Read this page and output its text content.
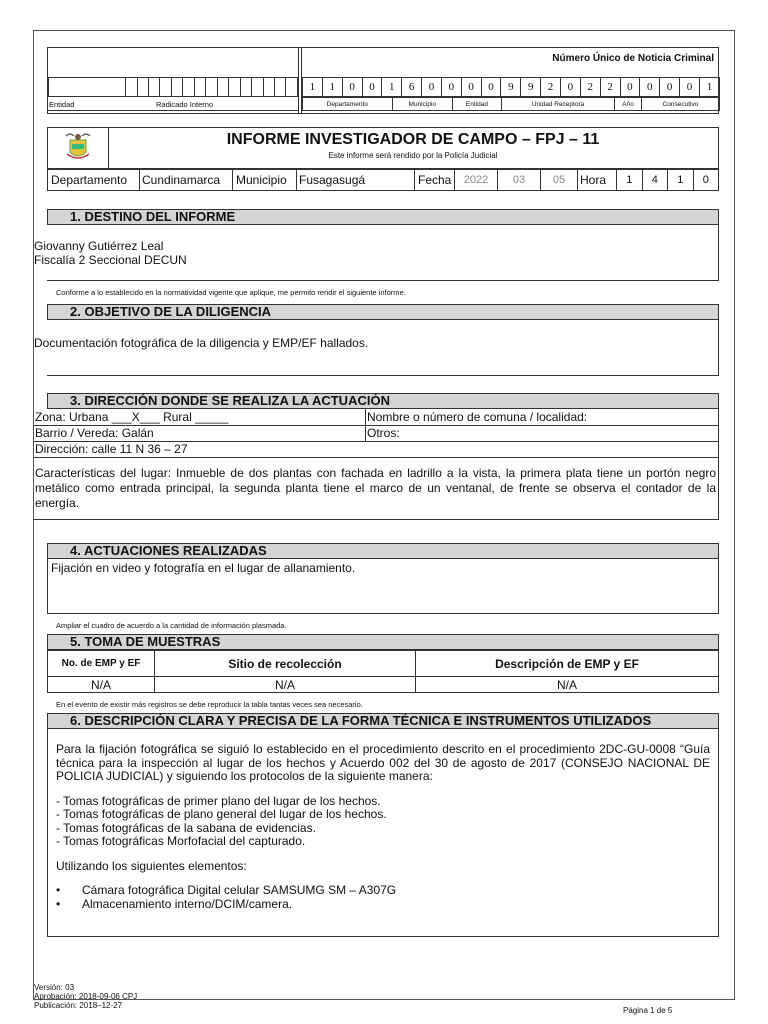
Número Único de Noticia Criminal

Entidad	Radicado Interno
1	1	0	0	1	6	0	0	0	0	9	9	2	0	2	2	0	0	0	0	1
Departamento	Municipio	Entidad	Unidad Receptora	Año	Consecutivo
INFORME INVESTIGADOR DE CAMPO – FPJ – 11
Este informe será rendido por la Policía Judicial
Departamento	Cundinamarca	Municipio	Fusagasugá	Fecha	2022	03	05	Hora	1	4	1	0
1. DESTINO DEL INFORME
Giovanny Gutiérrez Leal
Fiscalía 2 Seccional DECUN
Conforme a lo establecido en la normatividad vigente que aplique, me permito rendir el siguiente informe.
2. OBJETIVO DE LA DILIGENCIA
Documentación fotográfica de la diligencia y EMP/EF hallados.
3. DIRECCIÓN DONDE SE REALIZA LA ACTUACIÓN
Zona: Urbana ___X___ Rural _____	Nombre o número de comuna / localidad:
Barrio / Vereda: Galán	Otros:
Dirección: calle 11 N 36 – 27	
Características del lugar: Inmueble de dos plantas con fachada en ladrillo a la vista, la primera plata tiene un portón negro metálico como entrada principal, la segunda planta tiene el marco de un ventanal, de frente se observa el contador de la energía.	
4. ACTUACIONES REALIZADAS
Fijación en video y fotografía en el lugar de allanamiento.
Ampliar el cuadro de acuerdo a la cantidad de información plasmada.
5. TOMA DE MUESTRAS
No. de EMP y EF	Sitio de recolección	Descripción de EMP y EF
N/A	N/A	N/A
En el evento de existir más registros se debe reproducir la tabla tantas veces sea necesario.
6. DESCRIPCIÓN CLARA Y PRECISA DE LA FORMA TÉCNICA E INSTRUMENTOS UTILIZADOS
Para la fijación fotográfica se siguió lo establecido en el procedimiento descrito en el procedimiento 2DC-GU-0008 “Guía técnica para la inspección al lugar de los hechos y Acuerdo 002 del 30 de agosto de 2017 (CONSEJO NACIONAL DE POLICIA JUDICIAL) y siguiendo los protocolos de la siguiente manera:
- Tomas fotográficas de primer plano del lugar de los hechos.
- Tomas fotográficas de plano general del lugar de los hechos.
- Tomas fotográficas de la sabana de evidencias.
- Tomas fotográficas Morfofacial del capturado.
Utilizando los siguientes elementos:
•	Cámara fotográfica Digital celular SAMSUMG SM – A307G
•	Almacenamiento interno/DCIM/camera.
Versión: 03
Aprobación: 2018-09-06 CPJ
Publicación: 2018–12-27
Página 1 de 5
